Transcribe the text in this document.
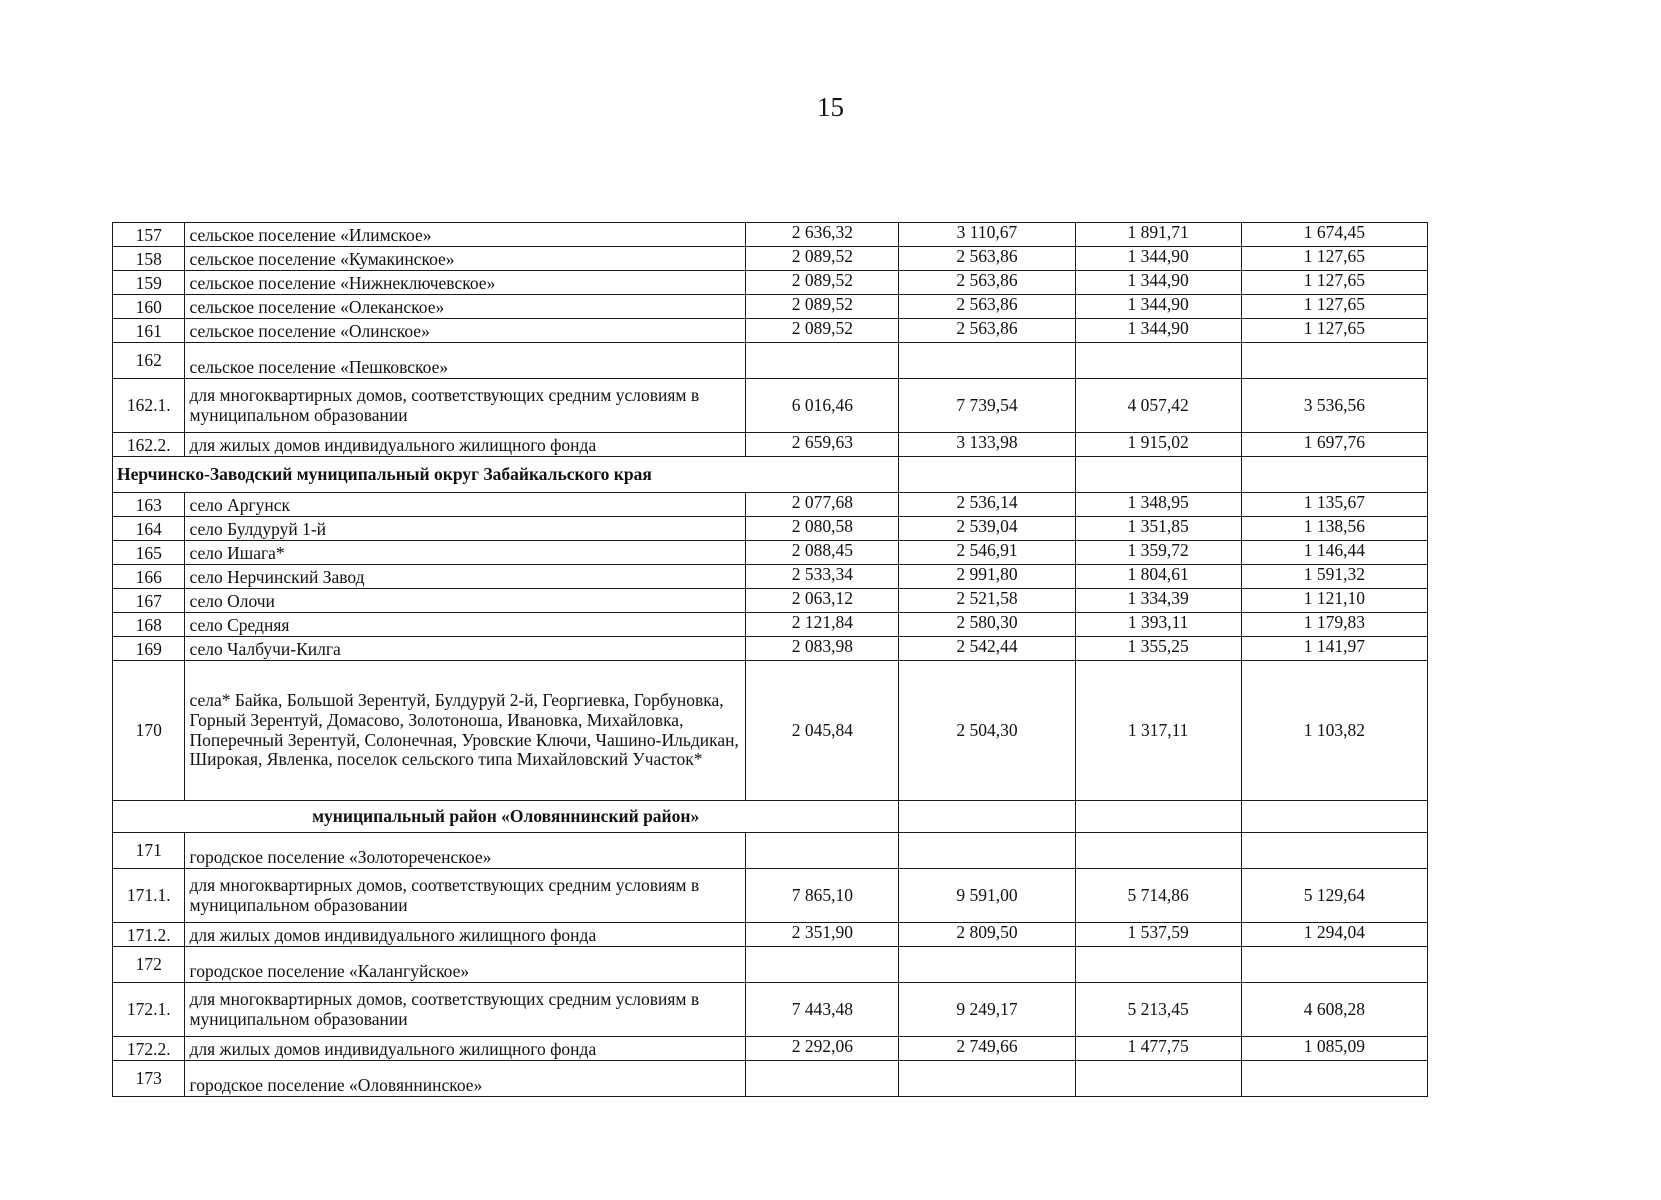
15
157	сельское поселение «Илимское»	2 636,32	3 110,67	1 891,71	1 674,45
158	сельское поселение «Кумакинское»	2 089,52	2 563,86	1 344,90	1 127,65
159	сельское поселение «Нижнеключевское»	2 089,52	2 563,86	1 344,90	1 127,65
160	сельское поселение «Олеканское»	2 089,52	2 563,86	1 344,90	1 127,65
161	сельское поселение «Олинское»	2 089,52	2 563,86	1 344,90	1 127,65
162	сельское поселение «Пешковское»				
162.1.	для многоквартирных домов, соответствующих средним условиям в муниципальном образовании	6 016,46	7 739,54	4 057,42	3 536,56
162.2.	для жилых домов индивидуального жилищного фонда	2 659,63	3 133,98	1 915,02	1 697,76
Нерчинско-Заводский муниципальный округ Забайкальского края					
163	село Аргунск	2 077,68	2 536,14	1 348,95	1 135,67
164	село Булдуруй 1-й	2 080,58	2 539,04	1 351,85	1 138,56
165	село Ишага*	2 088,45	2 546,91	1 359,72	1 146,44
166	село Нерчинский Завод	2 533,34	2 991,80	1 804,61	1 591,32
167	село Олочи	2 063,12	2 521,58	1 334,39	1 121,10
168	село Средняя	2 121,84	2 580,30	1 393,11	1 179,83
169	село Чалбучи-Килга	2 083,98	2 542,44	1 355,25	1 141,97
170	села* Байка, Большой Зерентуй, Булдуруй 2-й, Георгиевка, Горбуновка, Горный Зерентуй, Домасово, Золотоноша, Ивановка, Михайловка, Поперечный Зерентуй, Солонечная, Уровские Ключи, Чашино-Ильдикан, Широкая, Явленка, поселок сельского типа Михайловский Участок*	2 045,84	2 504,30	1 317,11	1 103,82
муниципальный район «Оловяннинский район»					
171	городское поселение «Золотореченское»				
171.1.	для многоквартирных домов, соответствующих средним условиям в муниципальном образовании	7 865,10	9 591,00	5 714,86	5 129,64
171.2.	для жилых домов индивидуального жилищного фонда	2 351,90	2 809,50	1 537,59	1 294,04
172	городское поселение «Калангуйское»				
172.1.	для многоквартирных домов, соответствующих средним условиям в муниципальном образовании	7 443,48	9 249,17	5 213,45	4 608,28
172.2.	для жилых домов индивидуального жилищного фонда	2 292,06	2 749,66	1 477,75	1 085,09
173	городское поселение «Оловяннинское»				
